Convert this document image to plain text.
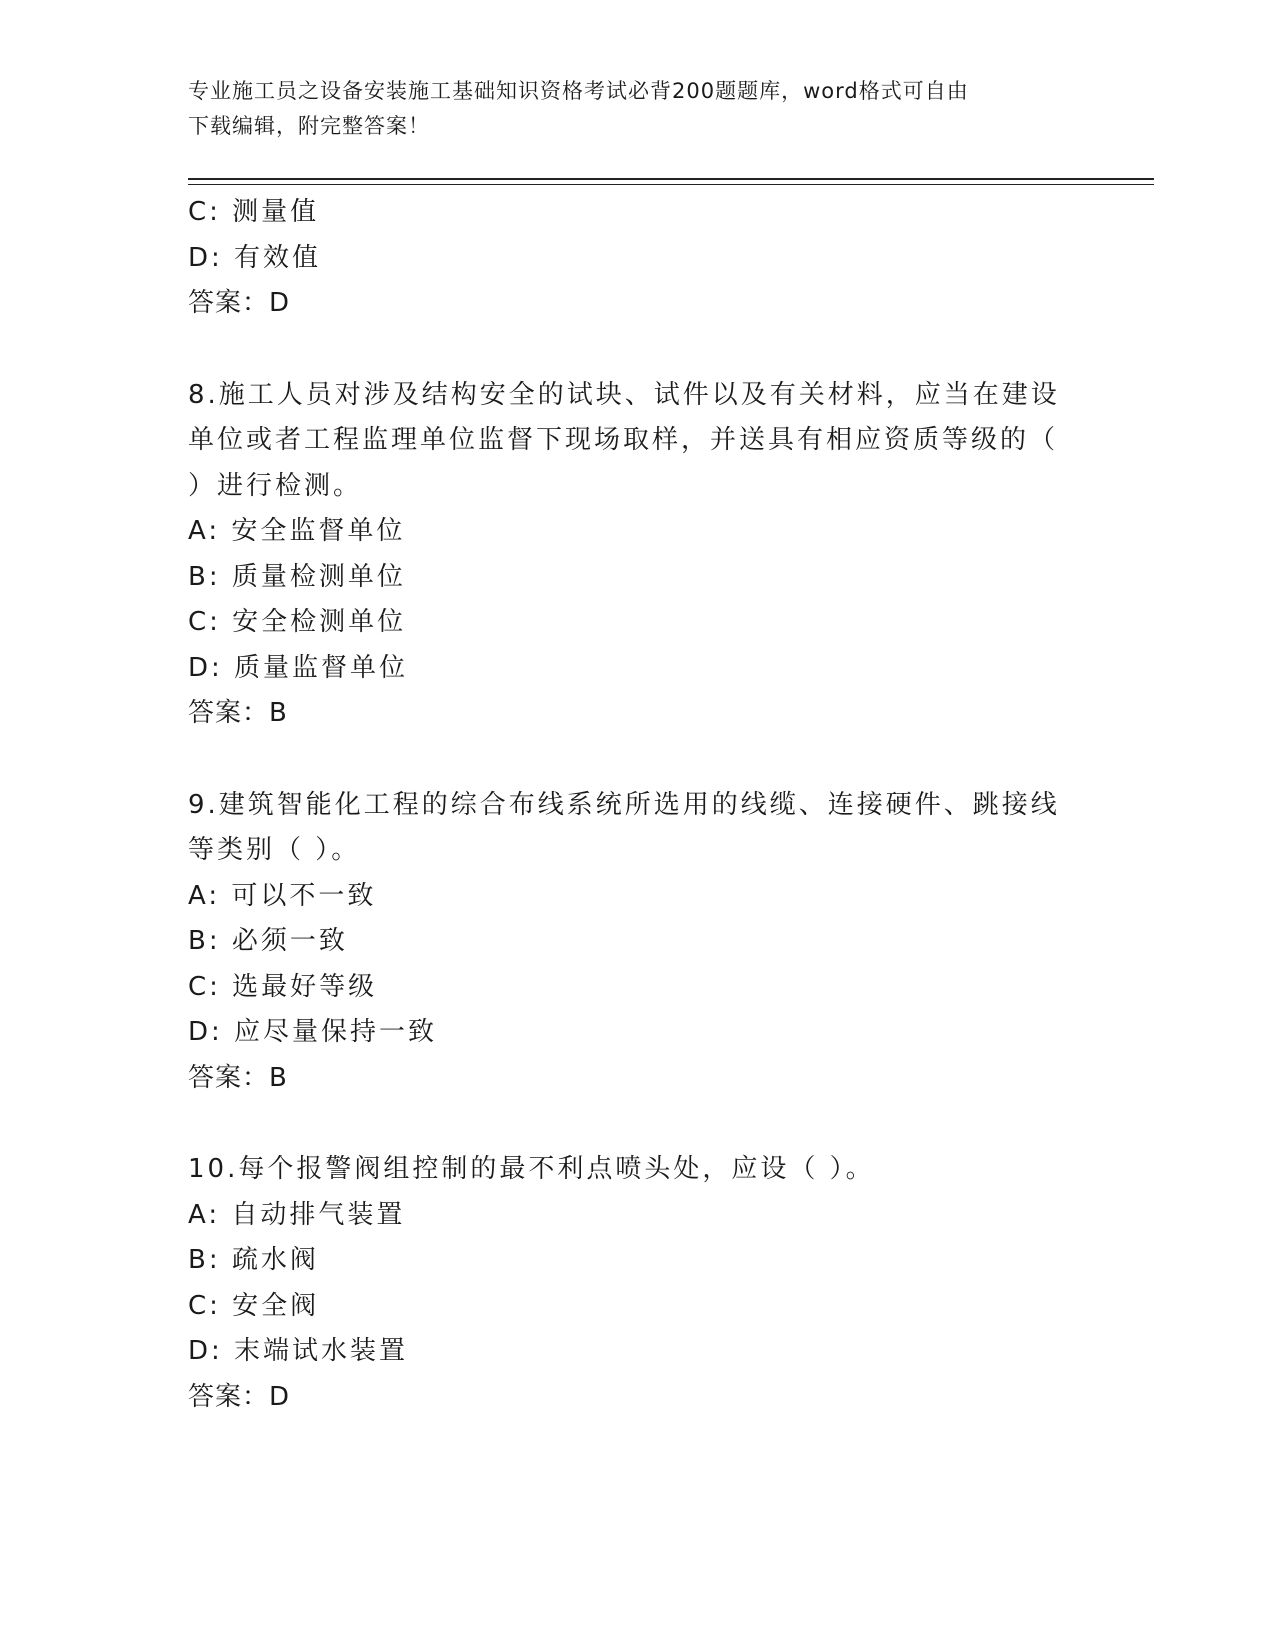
专业施工员之设备安装施工基础知识资格考试必背200题题库，word格式可自由
下载编辑，附完整答案！
C: 测量值
D: 有效值
答案：D
8.施工人员对涉及结构安全的试块、试件以及有关材料，应当在建设
单位或者工程监理单位监督下现场取样，并送具有相应资质等级的（
）进行检测。
A: 安全监督单位
B: 质量检测单位
C: 安全检测单位
D: 质量监督单位
答案：B
9.建筑智能化工程的综合布线系统所选用的线缆、连接硬件、跳接线
等类别（ ）。
A: 可以不一致
B: 必须一致
C: 选最好等级
D: 应尽量保持一致
答案：B
10.每个报警阀组控制的最不利点喷头处，应设（ ）。
A: 自动排气装置
B: 疏水阀
C: 安全阀
D: 末端试水装置
答案：D
